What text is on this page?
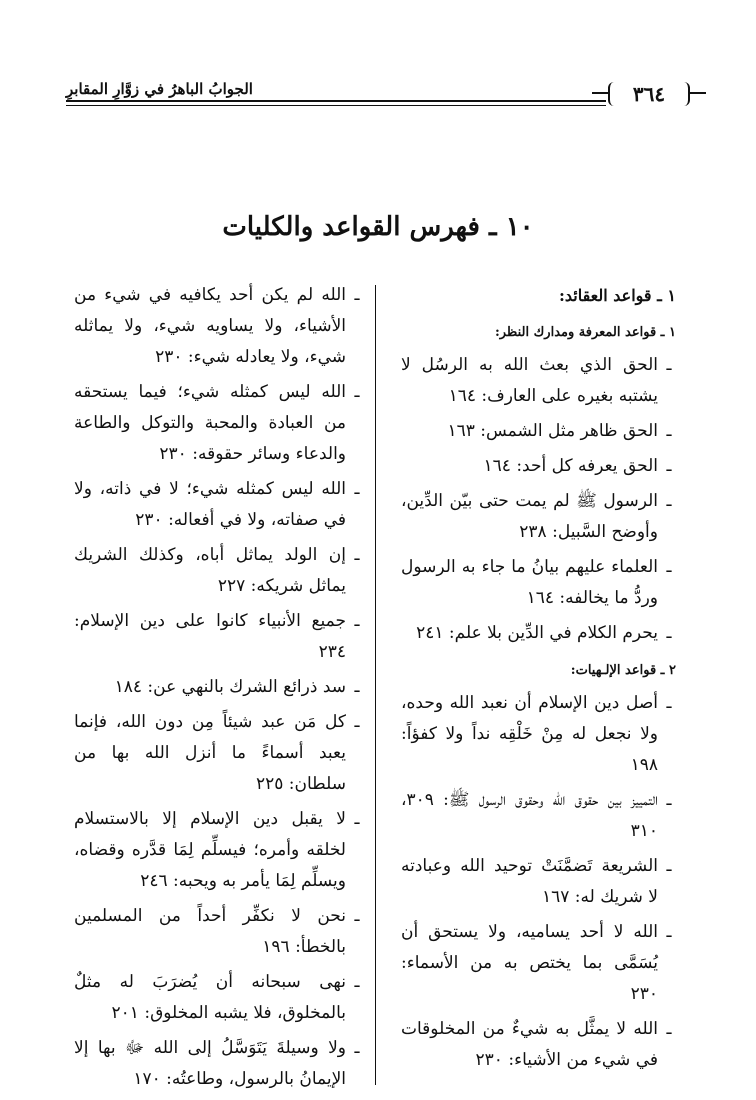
الجوابُ الباهرُ في زوَّارِ المقابرِ	٣٦٤
١٠ ـ فهرس القواعد والكليات

١ ـ قواعد العقائد:

١ ـ قواعد المعرفة ومدارك النظر:

ـ
الحق الذي بعث الله به الرسُل لا يشتبه بغيره على العارف: ١٦٤
ـ
الحق ظاهر مثل الشمس: ١٦٣
ـ
الحق يعرفه كل أحد: ١٦٤
ـ
الرسول ﷺ لم يمت حتى بيّن الدِّين، وأوضح السَّبيل: ٢٣٨
ـ
العلماء عليهم بيانُ ما جاء به الرسول وردُّ ما يخالفه: ١٦٤
ـ
يحرم الكلام في الدِّين بلا علم: ٢٤١

٢ ـ قواعد الإلـهيات:

ـ
أصل دين الإسلام أن نعبد الله وحده، ولا نجعل له مِنْ خَلْقِه نداً ولا كفؤاً: ١٩٨
ـ
التمييز بين حقوق الله وحقوق الرسول ﷺ: ٣٠٩، ٣١٠
ـ
الشريعة تَضمَّنَتْ توحيد الله وعبادته لا شريك له: ١٦٧
ـ
الله لا أحد يساميه، ولا يستحق أن يُسَمَّى بما يختص به من الأسماء: ٢٣٠
ـ
الله لا يمثَّل به شيءٌ من المخلوقات في شيء من الأشياء: ٢٣٠
ـ
الله لم يكن أحد يكافيه في شيء من الأشياء، ولا يساويه شيء، ولا يماثله شيء، ولا يعادله شيء: ٢٣٠
ـ
الله ليس كمثله شيء؛ فيما يستحقه من العبادة والمحبة والتوكل والطاعة والدعاء وسائر حقوقه: ٢٣٠
ـ
الله ليس كمثله شيء؛ لا في ذاته، ولا في صفاته، ولا في أفعاله: ٢٣٠
ـ
إن الولد يماثل أباه، وكذلك الشريك يماثل شريكه: ٢٢٧
ـ
جميع الأنبياء كانوا على دين الإسلام: ٢٣٤
ـ
سد ذرائع الشرك بالنهي عن: ١٨٤
ـ
كل مَن عبد شيئاً مِن دون الله، فإنما يعبد أسماءً ما أنزل الله بها من سلطان: ٢٢٥
ـ
لا يقبل دين الإسلام إلا بالاستسلام لخلقه وأمره؛ فيسلِّم لِمَا قدَّره وقضاه، ويسلِّم لِمَا يأمر به ويحبه: ٢٤٦
ـ
نحن لا نكفِّر أحداً من المسلمين بالخطأ: ١٩٦
ـ
نهى سبحانه أن يُضرَبَ له مثلٌ بالمخلوق، فلا يشبه المخلوق: ٢٠١
ـ
ولا وسيلةَ يَتَوَسَّلُ إلى الله ﷻ بها إلا الإيمانُ بالرسول، وطاعتُه: ١٧٠
